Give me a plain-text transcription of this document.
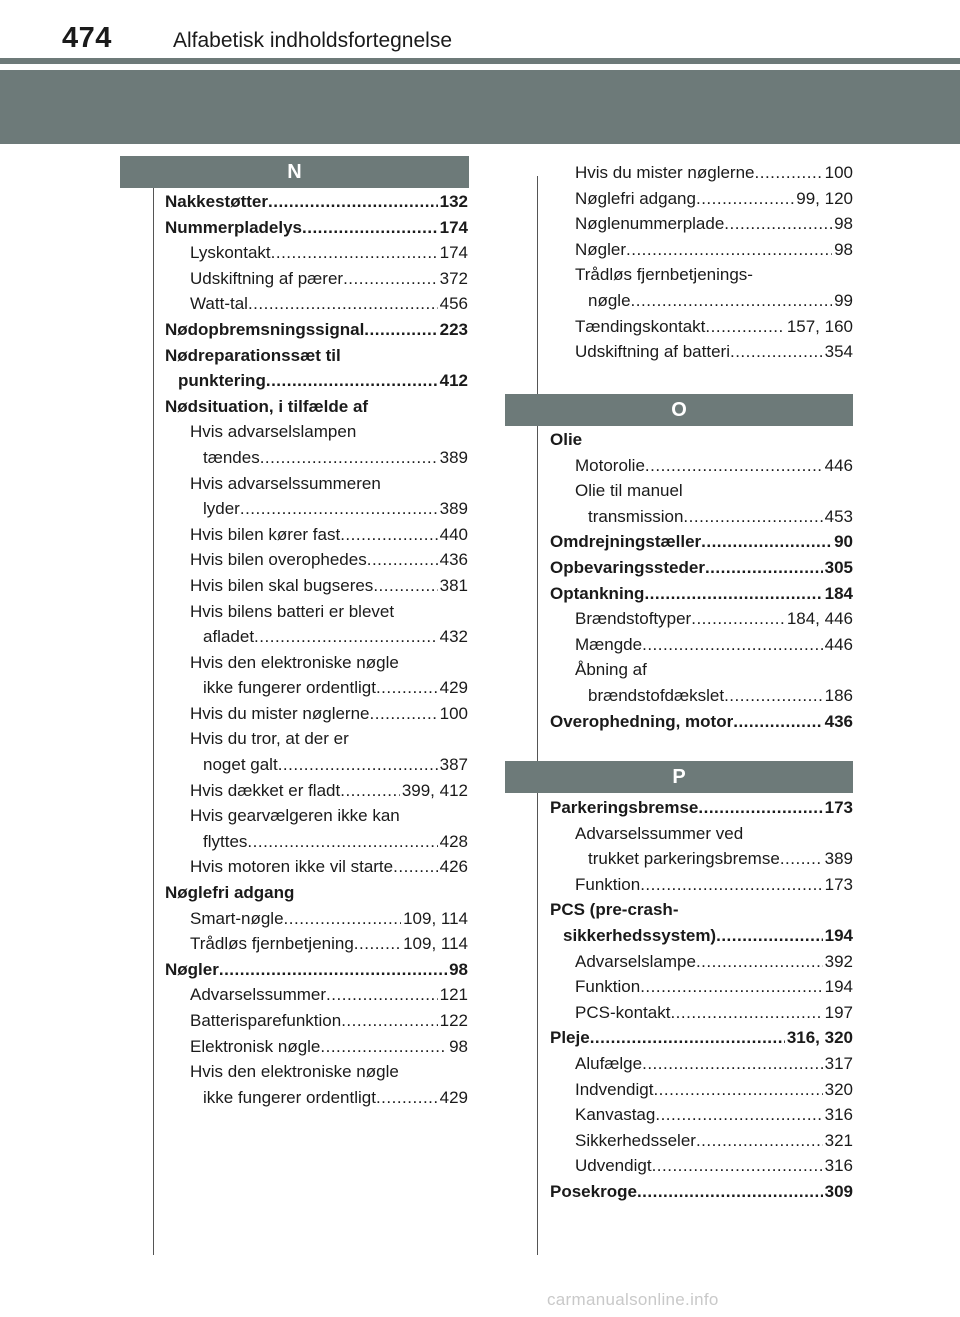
474	Alfabetisk indholdsfortegnelse
N
O
P
Nakkestøtter .....	132
Nummerpladelys .....	174
Lyskontakt .....	174
Udskiftning af pærer .....	372
Watt-tal .....	456
Nødopbremsningssignal .....	223
Nødreparationssæt til
punktering .....	412
Nødsituation, i tilfælde af
Hvis advarselslampen
tændes .....	389
Hvis advarselssummeren
lyder .....	389
Hvis bilen kører fast .....	440
Hvis bilen overophedes .....	436
Hvis bilen skal bugseres .....	381
Hvis bilens batteri er blevet
afladet .....	432
Hvis den elektroniske nøgle
ikke fungerer ordentligt .....	429
Hvis du mister nøglerne .....	100
Hvis du tror, at der er
noget galt .....	387
Hvis dækket er fladt .....	399, 412
Hvis gearvælgeren ikke kan
flyttes .....	428
Hvis motoren ikke vil starte .....	426
Nøglefri adgang
Smart-nøgle .....	109, 114
Trådløs fjernbetjening .....	109, 114
Nøgler .....	98
Advarselssummer .....	121
Batterisparefunktion .....	122
Elektronisk nøgle .....	98
Hvis den elektroniske nøgle
ikke fungerer ordentligt .....	429
Hvis du mister nøglerne .....	100
Nøglefri adgang .....	99, 120
Nøglenummerplade .....	98
Nøgler .....	98
Trådløs fjernbetjenings-
nøgle .....	99
Tændingskontakt .....	157, 160
Udskiftning af batteri .....	354
Olie
Motorolie .....	446
Olie til manuel
transmission .....	453
Omdrejningstæller .....	90
Opbevaringssteder .....	305
Optankning .....	184
Brændstoftyper .....	184, 446
Mængde .....	446
Åbning af
brændstofdækslet .....	186
Overophedning, motor .....	436
Parkeringsbremse .....	173
Advarselssummer ved
trukket parkeringsbremse .....	389
Funktion .....	173
PCS (pre-crash-
sikkerhedssystem) .....	194
Advarselslampe .....	392
Funktion .....	194
PCS-kontakt .....	197
Pleje .....	316, 320
Alufælge .....	317
Indvendigt .....	320
Kanvastag .....	316
Sikkerhedsseler .....	321
Udvendigt .....	316
Posekroge .....	309
carmanualsonline.info
